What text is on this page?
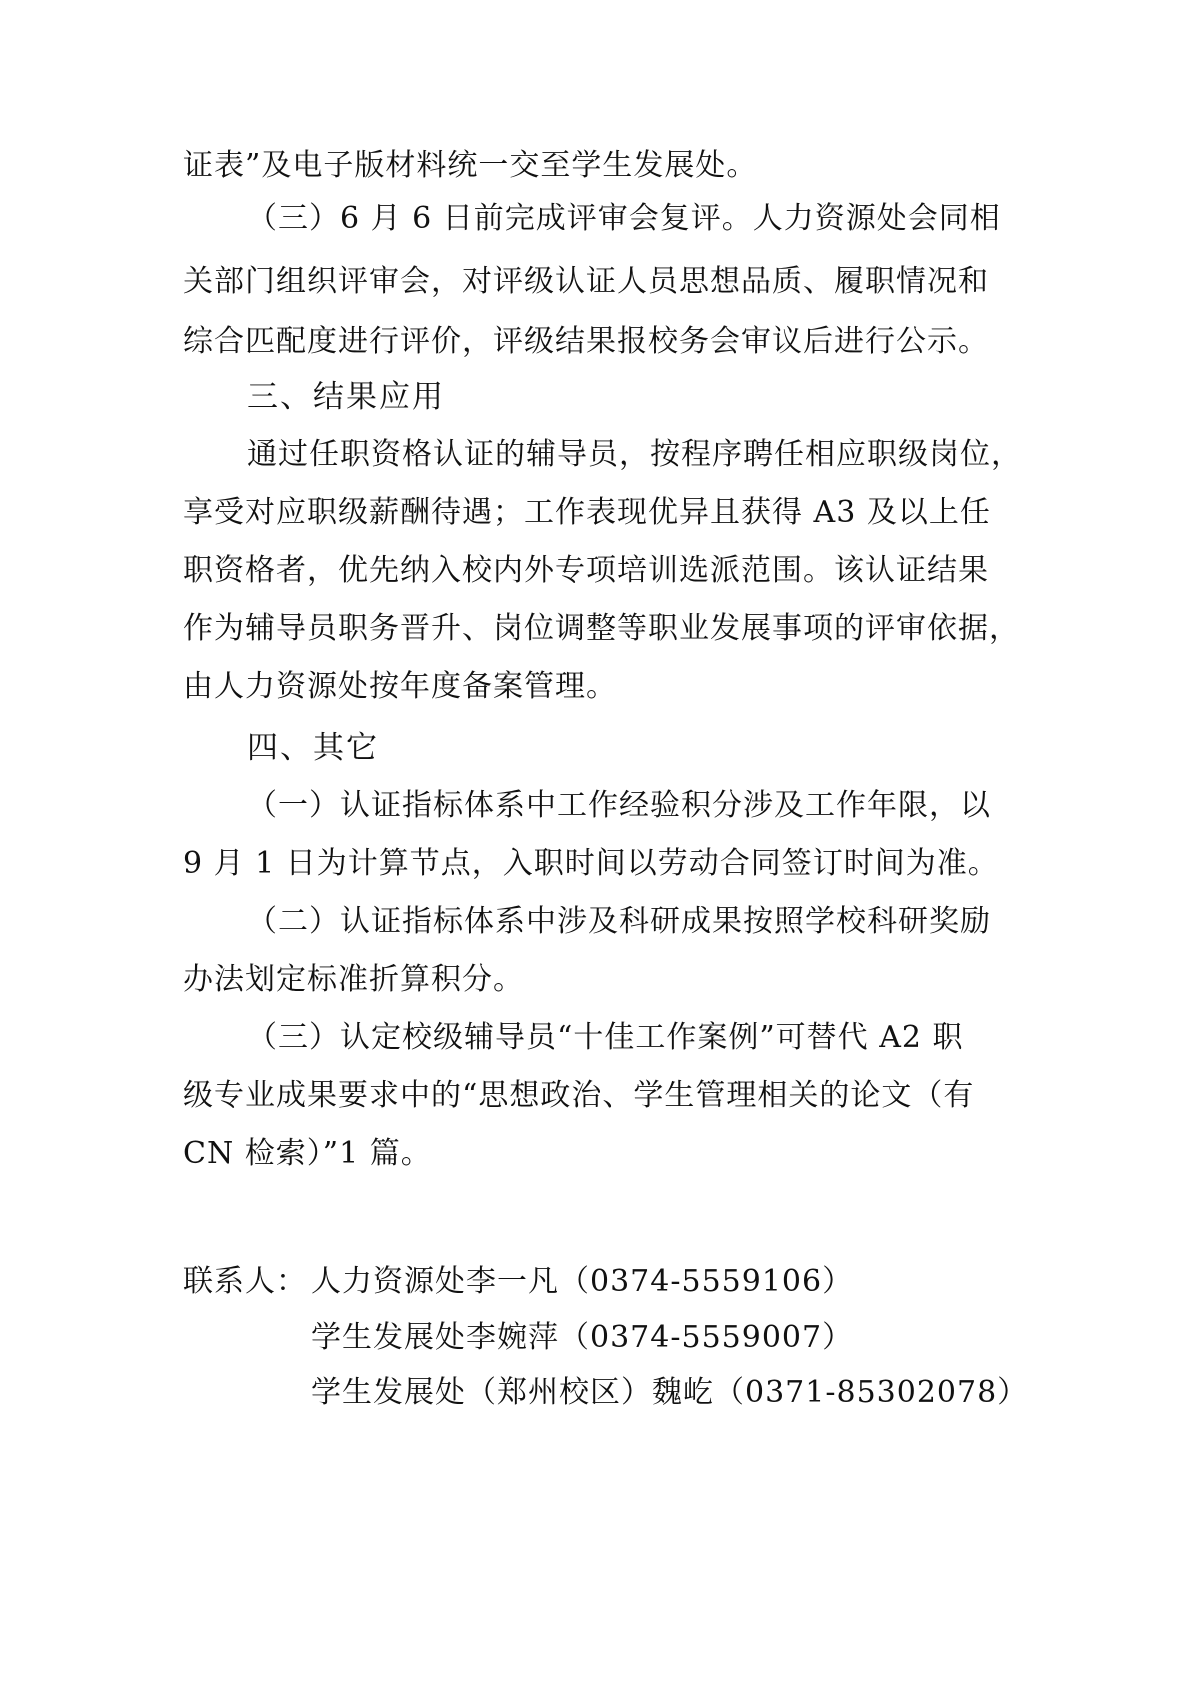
证表”及电子版材料统一交至学生发展处。
（三）6 月 6 日前完成评审会复评。人力资源处会同相
关部门组织评审会，对评级认证人员思想品质、履职情况和
综合匹配度进行评价，评级结果报校务会审议后进行公示。
三、结果应用
通过任职资格认证的辅导员，按程序聘任相应职级岗位，
享受对应职级薪酬待遇；工作表现优异且获得 A3 及以上任
职资格者，优先纳入校内外专项培训选派范围。该认证结果
作为辅导员职务晋升、岗位调整等职业发展事项的评审依据，
由人力资源处按年度备案管理。
四、其它
（一）认证指标体系中工作经验积分涉及工作年限，以
9 月 1 日为计算节点，入职时间以劳动合同签订时间为准。
（二）认证指标体系中涉及科研成果按照学校科研奖励
办法划定标准折算积分。
（三）认定校级辅导员“十佳工作案例”可替代 A2 职
级专业成果要求中的“思想政治、学生管理相关的论文（有
CN 检索）”1 篇。
联系人： 人力资源处李一凡（0374-5559106）
学生发展处李婉萍（0374-5559007）
学生发展处（郑州校区）魏屹（0371-85302078）
